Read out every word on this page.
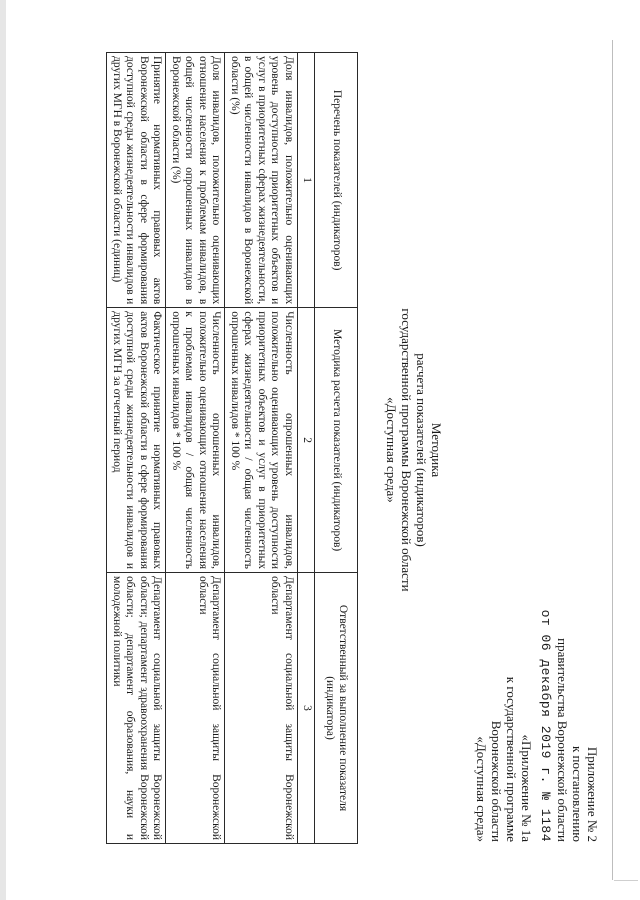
Приложение № 2
к постановлению
правительства Воронежской области
от 06 декабря 2019 г. № 1184
«Приложение № 1а
к государственной программе
Воронежской области
«Доступная среда»
Методика
расчета показателей (индикаторов)
государственной программы Воронежской области
«Доступная среда»
Перечень показателей (индикаторов)	Методика расчета показателей (индикаторов)	Ответственный за выполнение показателя (индикатора)
1	2	3
Доля инвалидов, положительно оценивающих уровень доступности приоритетных объектов и услуг в приоритетных сферах жизнедеятельности, в общей численности инвалидов в Воронежской области (%)	Численность опрошенных инвалидов, положительно оценивающих уровень доступности приоритетных объектов и услуг в приоритетных сферах жизнедеятельности / общая численность опрошенных инвалидов * 100 %	Департамент социальной защиты Воронежской области
Доля инвалидов, положительно оценивающих отношение населения к проблемам инвалидов, в общей численности опрошенных инвалидов в Воронежской области (%)	Численность опрошенных инвалидов, положительно оценивающих отношение населения к проблемам инвалидов / общая численность опрошенных инвалидов * 100 %	Департамент социальной защиты Воронежской области
Принятие нормативных правовых актов Воронежской области в сфере формирования доступной среды жизнедеятельности инвалидов и других МГН в Воронежской области (единиц)	Фактическое принятие нормативных правовых актов Воронежской области в сфере формирования доступной среды жизнедеятельности инвалидов и других МГН за отчетный период	Департамент социальной защиты Воронежской области; департамент здравоохранения Воронежской области; департамент образования, науки и молодежной политики
